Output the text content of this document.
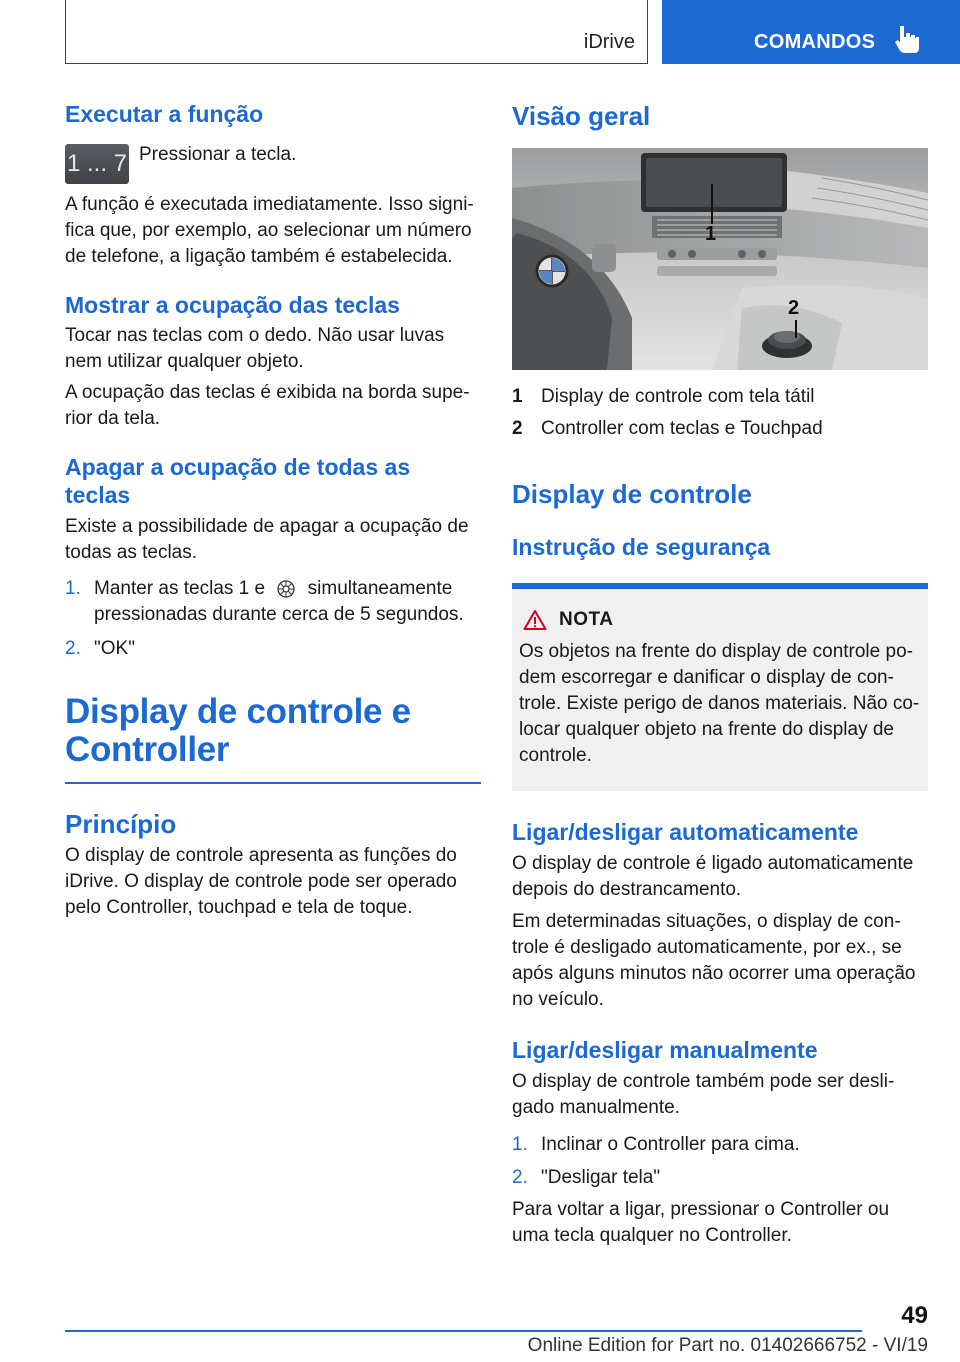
iDrive	COMANDOS
Executar a função
1 ... 7 Pressionar a tecla.

A função é executada imediatamente. Isso signi-fica que, por exemplo, ao selecionar um número de telefone, a ligação também é estabelecida.

Mostrar a ocupação das teclas

Tocar nas teclas com o dedo. Não usar luvas nem utilizar qualquer objeto.

A ocupação das teclas é exibida na borda supe-rior da tela.

Apagar a ocupação de todas as teclas

Existe a possibilidade de apagar a ocupação de todas as teclas.

1. Manter as teclas 1 e simultaneamente pressionadas durante cerca de 5 segundos.
2. "OK"
Display de controle e Controller
Princípio

O display de controle apresenta as funções do iDrive. O display de controle pode ser operado pelo Controller, touchpad e tela de toque.

Visão geral
1
2
1 Display de controle com tela tátil
2 Controller com teclas e Touchpad
Display de controle
Instrução de segurança
NOTA

Os objetos na frente do display de controle po-dem escorregar e danificar o display de con-trole. Existe perigo de danos materiais. Não co-locar qualquer objeto na frente do display de controle.

Ligar/desligar automaticamente

O display de controle é ligado automaticamente depois do destrancamento.

Em determinadas situações, o display de con-trole é desligado automaticamente, por ex., se após alguns minutos não ocorrer uma operação no veículo.

Ligar/desligar manualmente

O display de controle também pode ser desli-gado manualmente.

1. Inclinar o Controller para cima.
2. "Desligar tela"

Para voltar a ligar, pressionar o Controller ou uma tecla qualquer no Controller.

49
Online Edition for Part no. 01402666752 - VI/19
